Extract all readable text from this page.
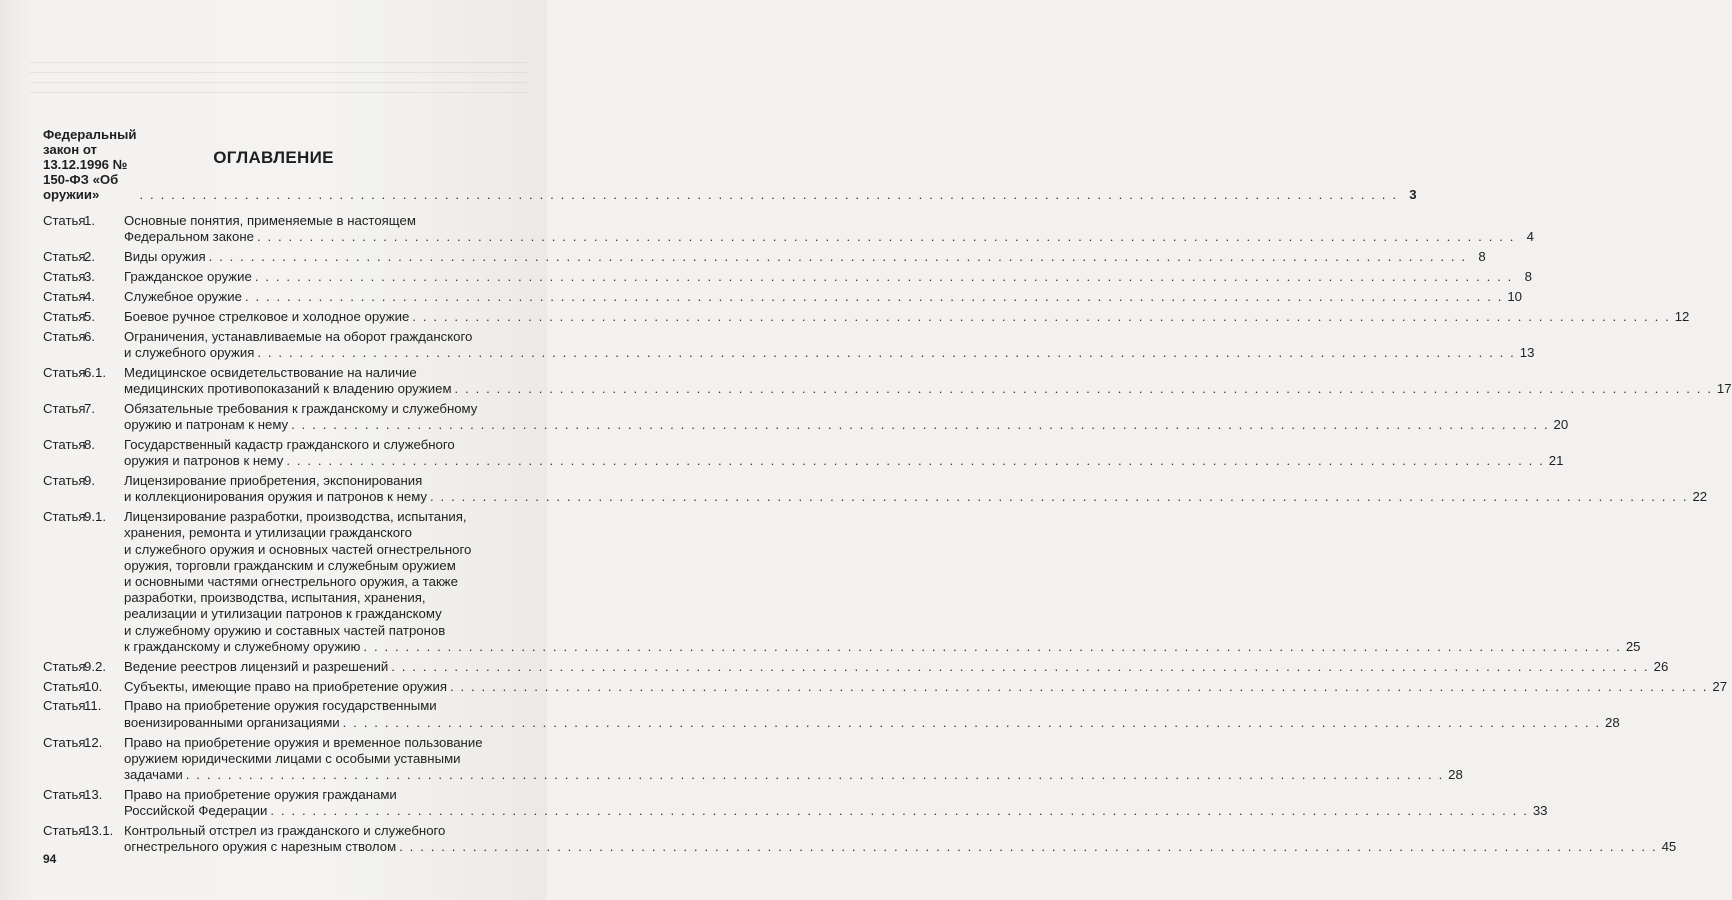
ОГЛАВЛЕНИЕ
Федеральный закон от 13.12.1996 № 150-ФЗ «Об оружии»	. . . . . . . . . . . . . . . . . . . . . . . . . . . . . . . . . . . . . . . . . . . . . . . . . . . . . . . . . . . . . . . . . . . . . . . . . . . . . . . . . . . . . . . . . . . . . . . . . . . . . . . . . . . . . . . . . . . . . . . . 3
Статья
1.	Основные понятия, применяемые в настоящем
Федеральном законе . . . . . . . . . . . . . . . . . . . . . . . . . . . . . . . . . . . . . . . . . . . . . . . . . . . . . . . . . . . . . . . . . . . . . . . . . . . . . . . . . . . . . . . . . . . . . . . . . . . . . . . . . . . . . . . . . . . . . . . . 4
Статья
2.	Виды оружия . . . . . . . . . . . . . . . . . . . . . . . . . . . . . . . . . . . . . . . . . . . . . . . . . . . . . . . . . . . . . . . . . . . . . . . . . . . . . . . . . . . . . . . . . . . . . . . . . . . . . . . . . . . . . . . . . . . . . . . . 8
Статья
3.	Гражданское оружие . . . . . . . . . . . . . . . . . . . . . . . . . . . . . . . . . . . . . . . . . . . . . . . . . . . . . . . . . . . . . . . . . . . . . . . . . . . . . . . . . . . . . . . . . . . . . . . . . . . . . . . . . . . . . . . . . . . . . . . . 8
Статья
4.	Служебное оружие . . . . . . . . . . . . . . . . . . . . . . . . . . . . . . . . . . . . . . . . . . . . . . . . . . . . . . . . . . . . . . . . . . . . . . . . . . . . . . . . . . . . . . . . . . . . . . . . . . . . . . . . . . . . . . . . . . . . . . . . 10
Статья
5.	Боевое ручное стрелковое и холодное оружие . . . . . . . . . . . . . . . . . . . . . . . . . . . . . . . . . . . . . . . . . . . . . . . . . . . . . . . . . . . . . . . . . . . . . . . . . . . . . . . . . . . . . . . . . . . . . . . . . . . . . . . . . . . . . . . . . . . . . . . . 12
Статья
6.	Ограничения, устанавливаемые на оборот гражданского
и служебного оружия . . . . . . . . . . . . . . . . . . . . . . . . . . . . . . . . . . . . . . . . . . . . . . . . . . . . . . . . . . . . . . . . . . . . . . . . . . . . . . . . . . . . . . . . . . . . . . . . . . . . . . . . . . . . . . . . . . . . . . . . 13
Статья
6.1.	Медицинское освидетельствование на наличие
медицинских противопоказаний к владению оружием . . . . . . . . . . . . . . . . . . . . . . . . . . . . . . . . . . . . . . . . . . . . . . . . . . . . . . . . . . . . . . . . . . . . . . . . . . . . . . . . . . . . . . . . . . . . . . . . . . . . . . . . . . . . . . . . . . . . . . . . 17
Статья
7.	Обязательные требования к гражданскому и служебному
оружию и патронам к нему . . . . . . . . . . . . . . . . . . . . . . . . . . . . . . . . . . . . . . . . . . . . . . . . . . . . . . . . . . . . . . . . . . . . . . . . . . . . . . . . . . . . . . . . . . . . . . . . . . . . . . . . . . . . . . . . . . . . . . . . 20
Статья
8.	Государственный кадастр гражданского и служебного
оружия и патронов к нему . . . . . . . . . . . . . . . . . . . . . . . . . . . . . . . . . . . . . . . . . . . . . . . . . . . . . . . . . . . . . . . . . . . . . . . . . . . . . . . . . . . . . . . . . . . . . . . . . . . . . . . . . . . . . . . . . . . . . . . . 21
Статья
9.	Лицензирование приобретения, экспонирования
и коллекционирования оружия и патронов к нему . . . . . . . . . . . . . . . . . . . . . . . . . . . . . . . . . . . . . . . . . . . . . . . . . . . . . . . . . . . . . . . . . . . . . . . . . . . . . . . . . . . . . . . . . . . . . . . . . . . . . . . . . . . . . . . . . . . . . . . . 22
Статья
9.1.	Лицензирование разработки, производства, испытания,
хранения, ремонта и утилизации гражданского
и служебного оружия и основных частей огнестрельного
оружия, торговли гражданским и служебным оружием
и основными частями огнестрельного оружия, а также
разработки, производства, испытания, хранения,
реализации и утилизации патронов к гражданскому
и служебному оружию и составных частей патронов
к гражданскому и служебному оружию . . . . . . . . . . . . . . . . . . . . . . . . . . . . . . . . . . . . . . . . . . . . . . . . . . . . . . . . . . . . . . . . . . . . . . . . . . . . . . . . . . . . . . . . . . . . . . . . . . . . . . . . . . . . . . . . . . . . . . . . 25
Статья
9.2.	Ведение реестров лицензий и разрешений . . . . . . . . . . . . . . . . . . . . . . . . . . . . . . . . . . . . . . . . . . . . . . . . . . . . . . . . . . . . . . . . . . . . . . . . . . . . . . . . . . . . . . . . . . . . . . . . . . . . . . . . . . . . . . . . . . . . . . . . 26
Статья
10.	Субъекты, имеющие право на приобретение оружия . . . . . . . . . . . . . . . . . . . . . . . . . . . . . . . . . . . . . . . . . . . . . . . . . . . . . . . . . . . . . . . . . . . . . . . . . . . . . . . . . . . . . . . . . . . . . . . . . . . . . . . . . . . . . . . . . . . . . . . . 27
Статья
11.	Право на приобретение оружия государственными
военизированными организациями . . . . . . . . . . . . . . . . . . . . . . . . . . . . . . . . . . . . . . . . . . . . . . . . . . . . . . . . . . . . . . . . . . . . . . . . . . . . . . . . . . . . . . . . . . . . . . . . . . . . . . . . . . . . . . . . . . . . . . . . 28
Статья
12.	Право на приобретение оружия и временное пользование
оружием юридическими лицами с особыми уставными
задачами . . . . . . . . . . . . . . . . . . . . . . . . . . . . . . . . . . . . . . . . . . . . . . . . . . . . . . . . . . . . . . . . . . . . . . . . . . . . . . . . . . . . . . . . . . . . . . . . . . . . . . . . . . . . . . . . . . . . . . . . 28
Статья
13.	Право на приобретение оружия гражданами
Российской Федерации . . . . . . . . . . . . . . . . . . . . . . . . . . . . . . . . . . . . . . . . . . . . . . . . . . . . . . . . . . . . . . . . . . . . . . . . . . . . . . . . . . . . . . . . . . . . . . . . . . . . . . . . . . . . . . . . . . . . . . . . 33
Статья
13.1. Контрольный отстрел из гражданского и служебного
огнестрельного оружия с нарезным стволом . . . . . . . . . . . . . . . . . . . . . . . . . . . . . . . . . . . . . . . . . . . . . . . . . . . . . . . . . . . . . . . . . . . . . . . . . . . . . . . . . . . . . . . . . . . . . . . . . . . . . . . . . . . . . . . . . . . . . . . . 45
94
